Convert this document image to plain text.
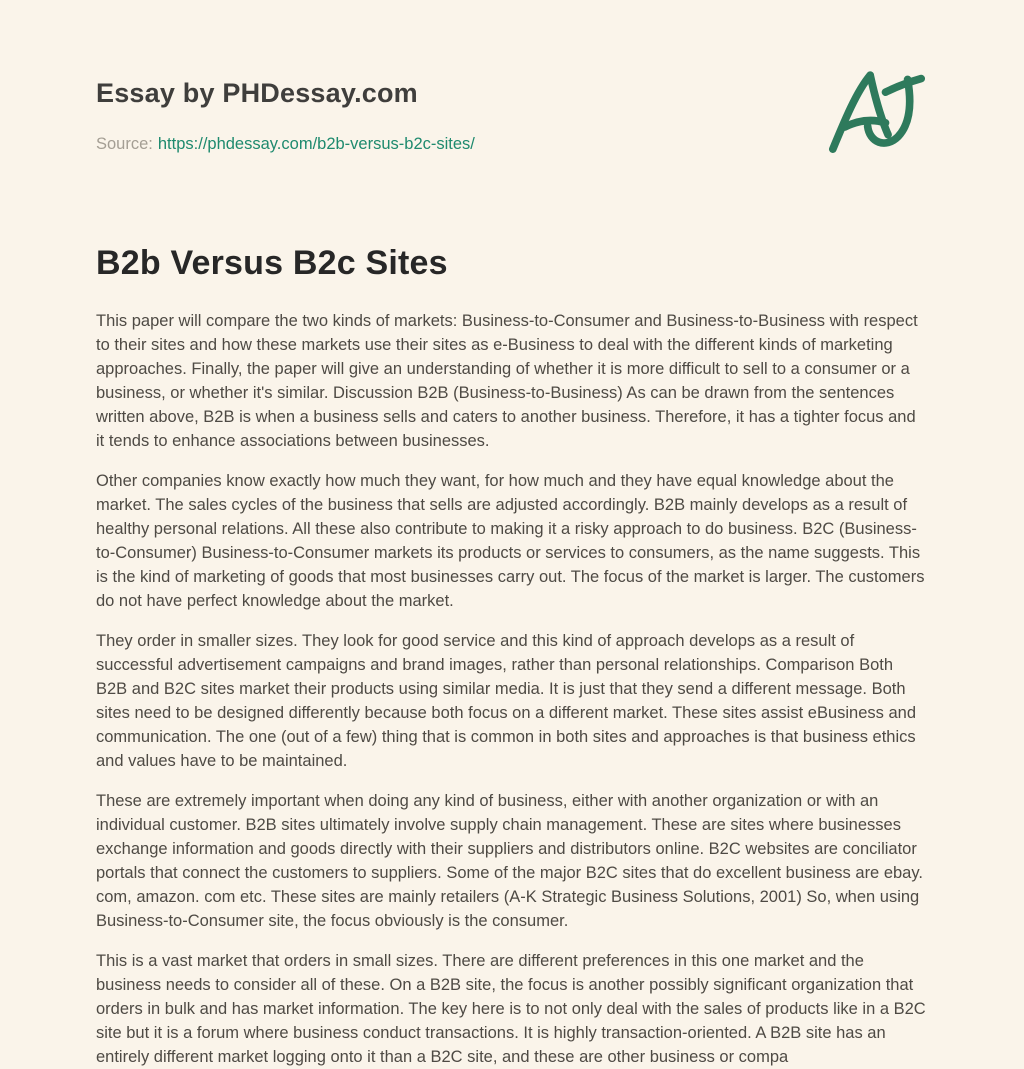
Essay by PHDessay.com
Source: https://phdessay.com/b2b-versus-b2c-sites/
B2b Versus B2c Sites

This paper will compare the two kinds of markets: Business-to-Consumer and Business-to-Business with respect to their sites and how these markets use their sites as e-Business to deal with the different kinds of marketing approaches. Finally, the paper will give an understanding of whether it is more difficult to sell to a consumer or a business, or whether it's similar. Discussion B2B (Business-to-Business) As can be drawn from the sentences written above, B2B is when a business sells and caters to another business. Therefore, it has a tighter focus and it tends to enhance associations between businesses.

Other companies know exactly how much they want, for how much and they have equal knowledge about the market. The sales cycles of the business that sells are adjusted accordingly. B2B mainly develops as a result of healthy personal relations. All these also contribute to making it a risky approach to do business. B2C (Business-to-Consumer) Business-to-Consumer markets its products or services to consumers, as the name suggests. This is the kind of marketing of goods that most businesses carry out. The focus of the market is larger. The customers do not have perfect knowledge about the market.

They order in smaller sizes. They look for good service and this kind of approach develops as a result of successful advertisement campaigns and brand images, rather than personal relationships. Comparison Both B2B and B2C sites market their products using similar media. It is just that they send a different message. Both sites need to be designed differently because both focus on a different market. These sites assist eBusiness and communication. The one (out of a few) thing that is common in both sites and approaches is that business ethics and values have to be maintained.

These are extremely important when doing any kind of business, either with another organization or with an individual customer. B2B sites ultimately involve supply chain management. These are sites where businesses exchange information and goods directly with their suppliers and distributors online. B2C websites are conciliator portals that connect the customers to suppliers. Some of the major B2C sites that do excellent business are ebay. com, amazon. com etc. These sites are mainly retailers (A-K Strategic Business Solutions, 2001) So, when using Business-to-Consumer site, the focus obviously is the consumer.

This is a vast market that orders in small sizes. There are different preferences in this one market and the business needs to consider all of these. On a B2B site, the focus is another possibly significant organization that orders in bulk and has market information. The key here is to not only deal with the sales of products like in a B2C site but it is a forum where business conduct transactions. It is highly transaction-oriented. A B2B site has an entirely different market logging onto it than a B2C site, and these are other business or compa
